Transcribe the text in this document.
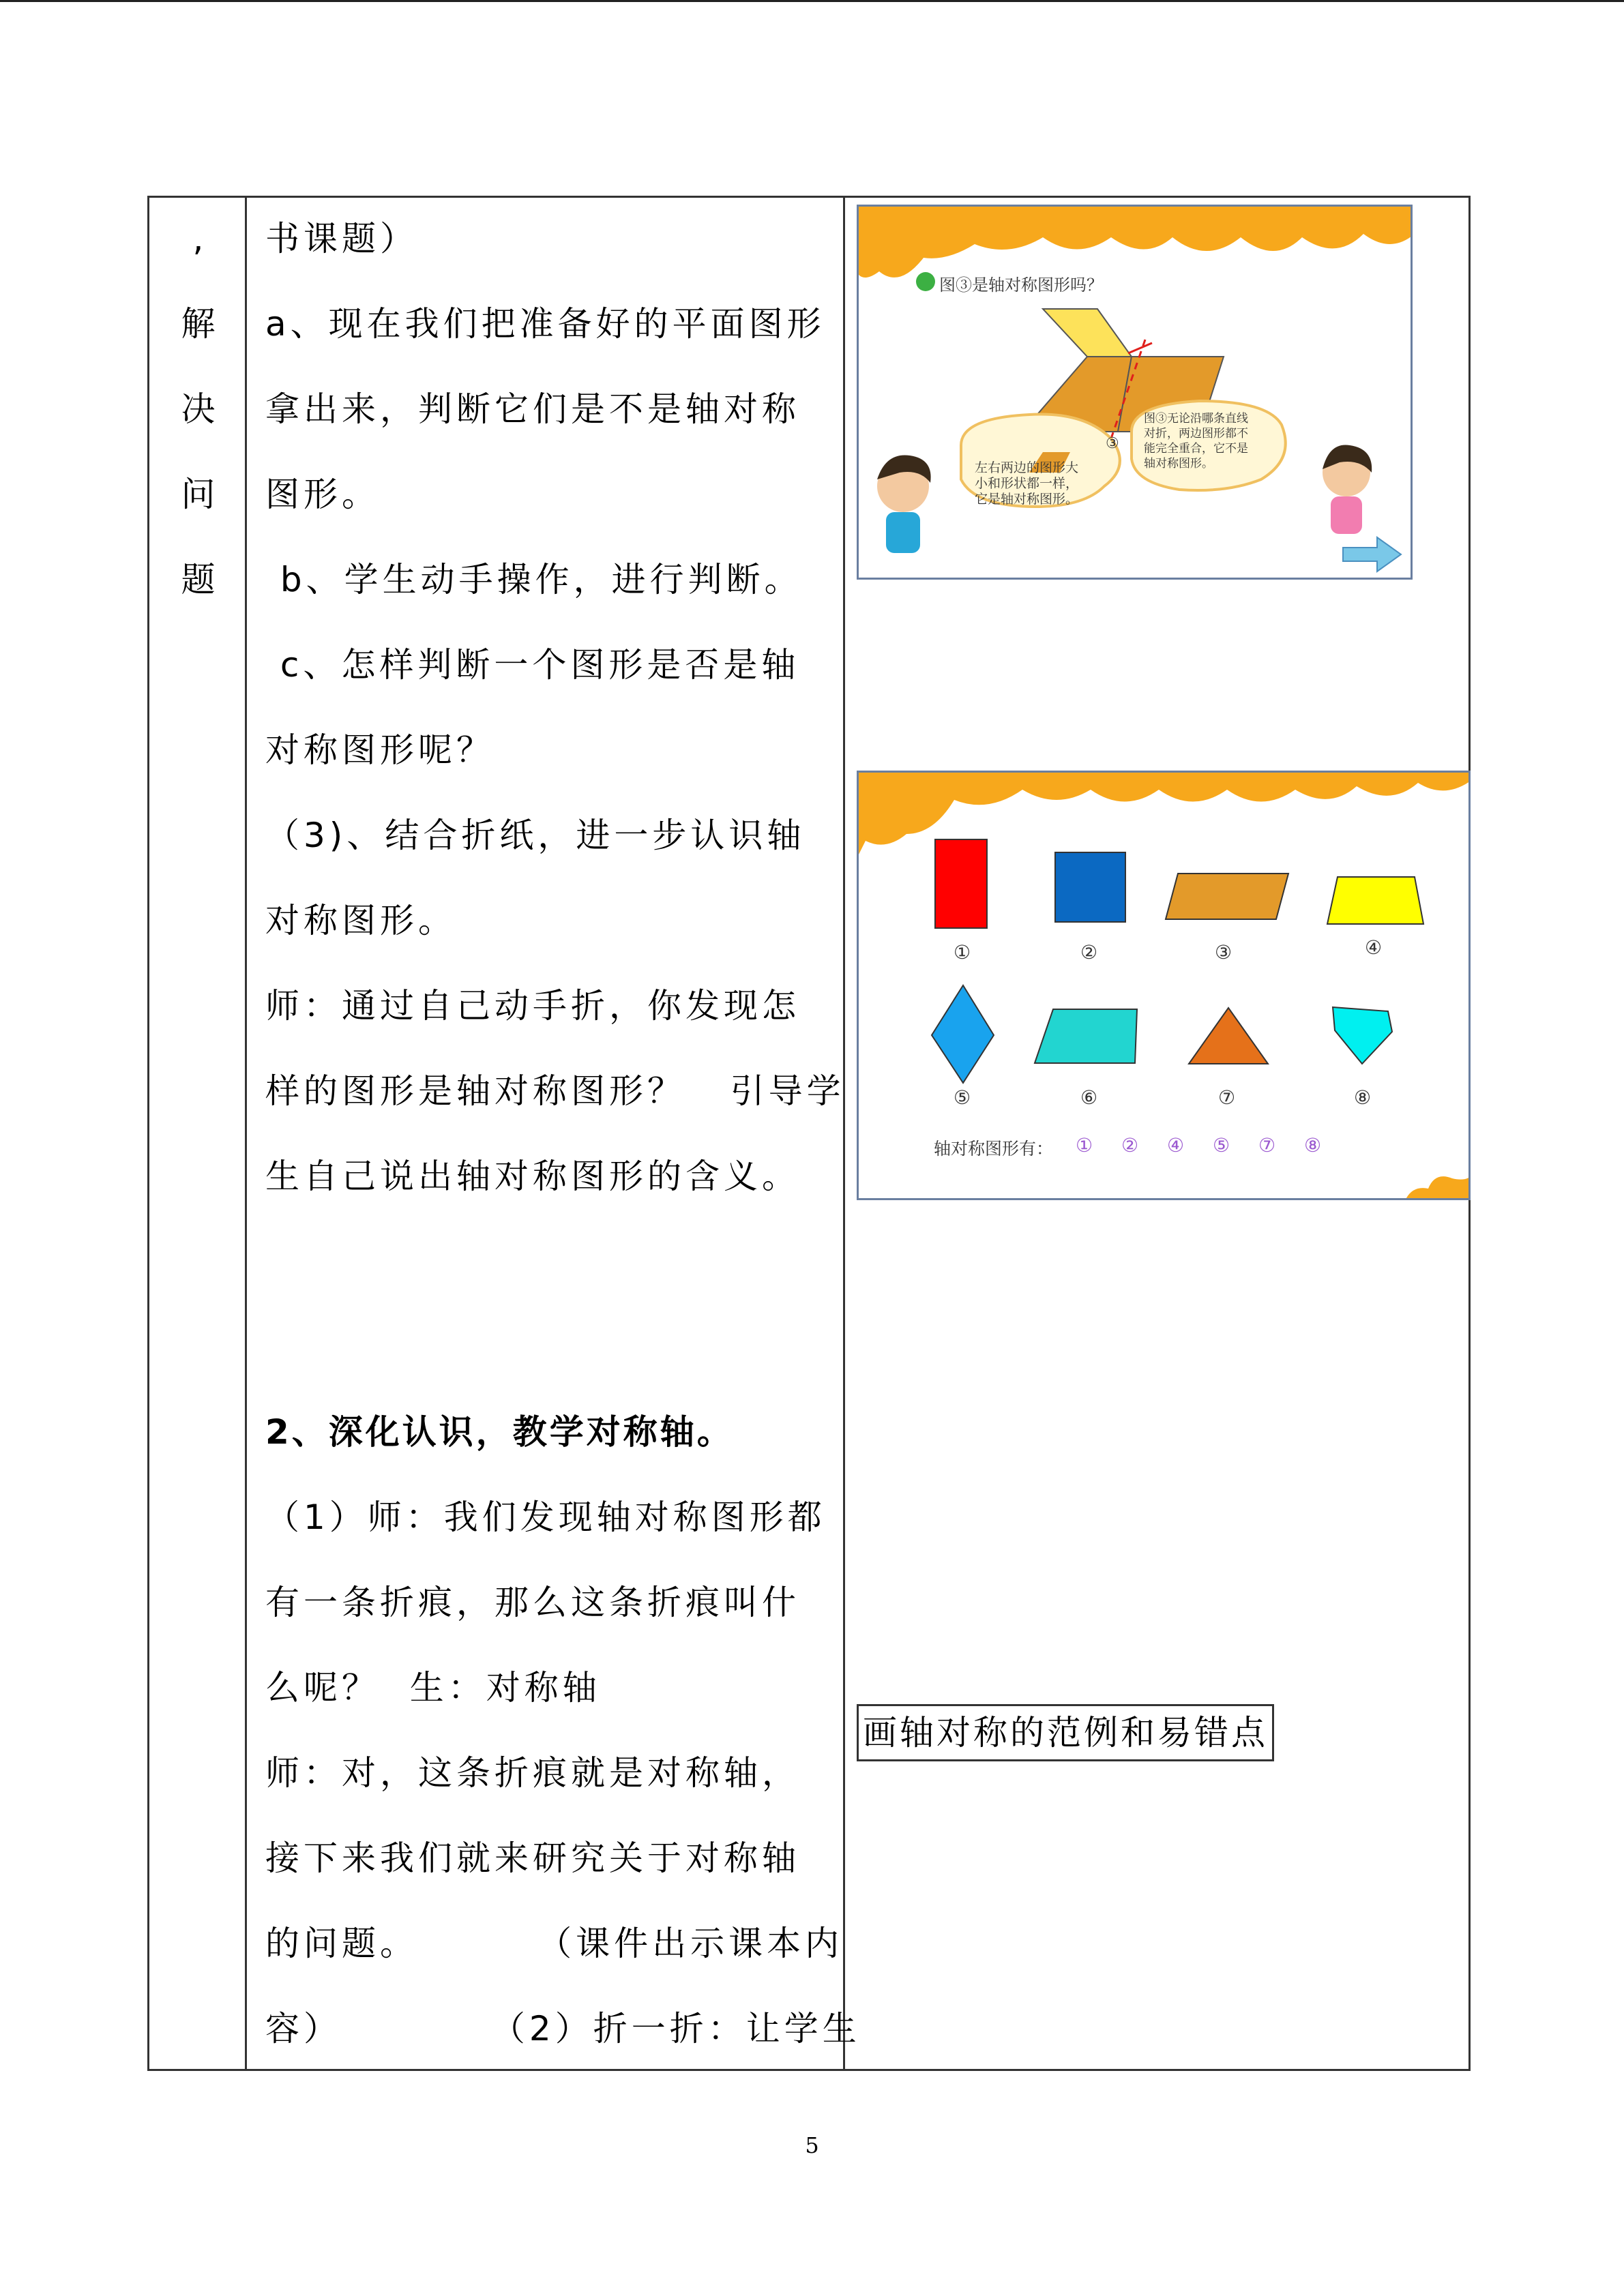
,
解
决
问
题
书课题）
a、现在我们把准备好的平面图形
拿出来，判断它们是不是轴对称
图形。
b、学生动手操作，进行判断。
c、怎样判断一个图形是否是轴
对称图形呢？
（3)、结合折纸，进一步认识轴
对称图形。
师：通过自己动手折，你发现怎
样的图形是轴对称图形？   引导学
生自己说出轴对称图形的含义。
2、深化认识，教学对称轴。
（1）师：我们发现轴对称图形都
有一条折痕，那么这条折痕叫什
么呢？  生：对称轴
师：对，这条折痕就是对称轴，
接下来我们就来研究关于对称轴
的问题。        （课件出示课本内
容）          （2）折一折：让学生
图③是轴对称图形吗？
③
左右两边的图形大
小和形状都一样，
它是轴对称图形。
图③无论沿哪条直线
对折，两边图形都不
能完全重合，它不是
轴对称图形。
①	②	③	④
⑤	⑥	⑦	⑧
轴对称图形有： ① ② ④ ⑤ ⑦ ⑧
画轴对称的范例和易错点
5
